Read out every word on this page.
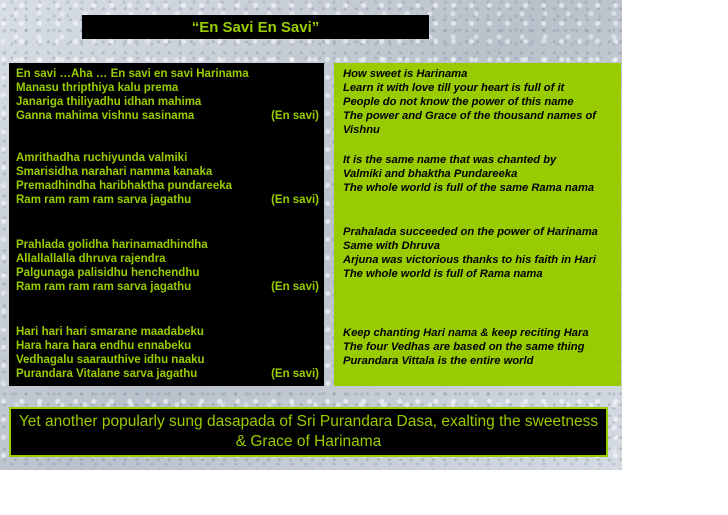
“En Savi En Savi”
En savi …Aha … En savi en savi Harinama
Manasu thripthiya kalu prema
Janariga thiliyadhu idhan mahima
Ganna mahima vishnu sasinama	(En savi)
Amrithadha ruchiyunda valmiki
Smarisidha narahari namma kanaka
Premadhindha haribhaktha pundareeka
Ram ram ram ram sarva jagathu	(En savi)
Prahlada golidha harinamadhindha
Allallallalla dhruva rajendra
Palgunaga palisidhu henchendhu
Ram ram ram ram sarva jagathu	(En savi)
Hari hari hari smarane maadabeku
Hara hara hara endhu ennabeku
Vedhagalu saarauthive idhu naaku
Purandara Vitalane sarva jagathu	(En savi)
How sweet is Harinama
Learn it with love till your heart is full of it
People do not know the power of this name
The power and Grace of the thousand names of Vishnu
It is the same name that was chanted by
Valmiki and bhaktha Pundareeka
The whole world is full of the same Rama nama
Prahalada succeeded on the power of Harinama
Same with Dhruva
Arjuna was victorious thanks to his faith in Hari
The whole world is full of Rama nama
Keep chanting Hari nama & keep reciting Hara
The four Vedhas are based on the same thing
Purandara Vittala is the entire world
Yet another popularly sung dasapada of Sri Purandara Dasa, exalting the sweetness
& Grace of Harinama
